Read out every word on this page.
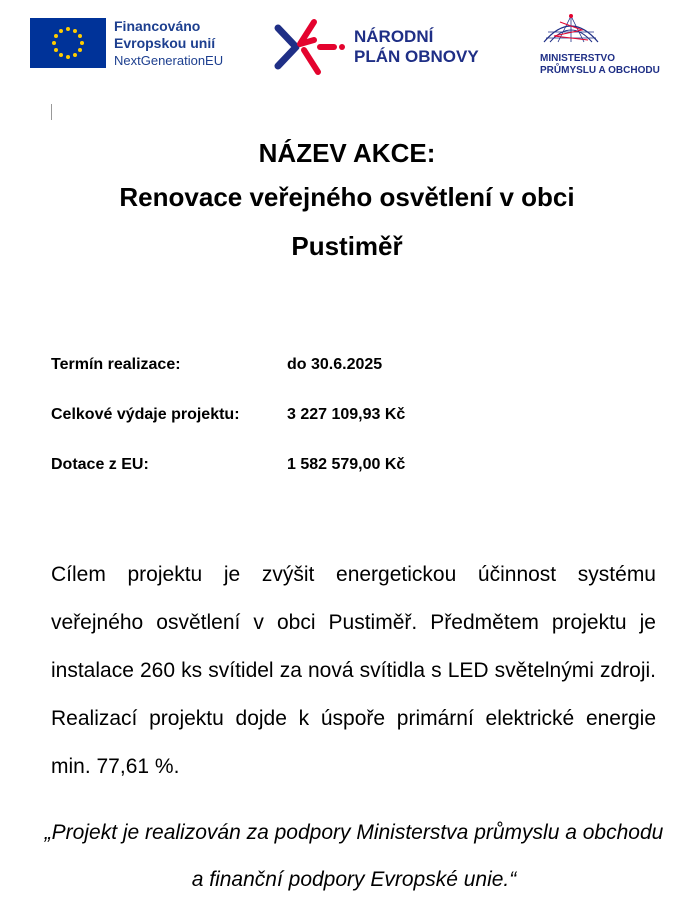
Financováno
Evropskou unií
NextGenerationEU
NÁRODNÍ
PLÁN OBNOVY	MINISTERSTVO
PRŮMYSLU A OBCHODU
NÁZEV AKCE:
Renovace veřejného osvětlení v obci
Pustiměř
Termín realizace:	do 30.6.2025
Celkové výdaje projektu:	3 227 109,93 Kč
Dotace z EU:	1 582 579,00 Kč
Cílem projektu je zvýšit energetickou účinnost systému veřejného osvětlení v obci Pustiměř. Předmětem projektu je instalace 260 ks svítidel za nová svítidla s LED světelnými zdroji. Realizací projektu dojde k úspoře primární elektrické energie min. 77,61 %.
„Projekt je realizován za podpory Ministerstva průmyslu a obchodu a finanční podpory Evropské unie.“
